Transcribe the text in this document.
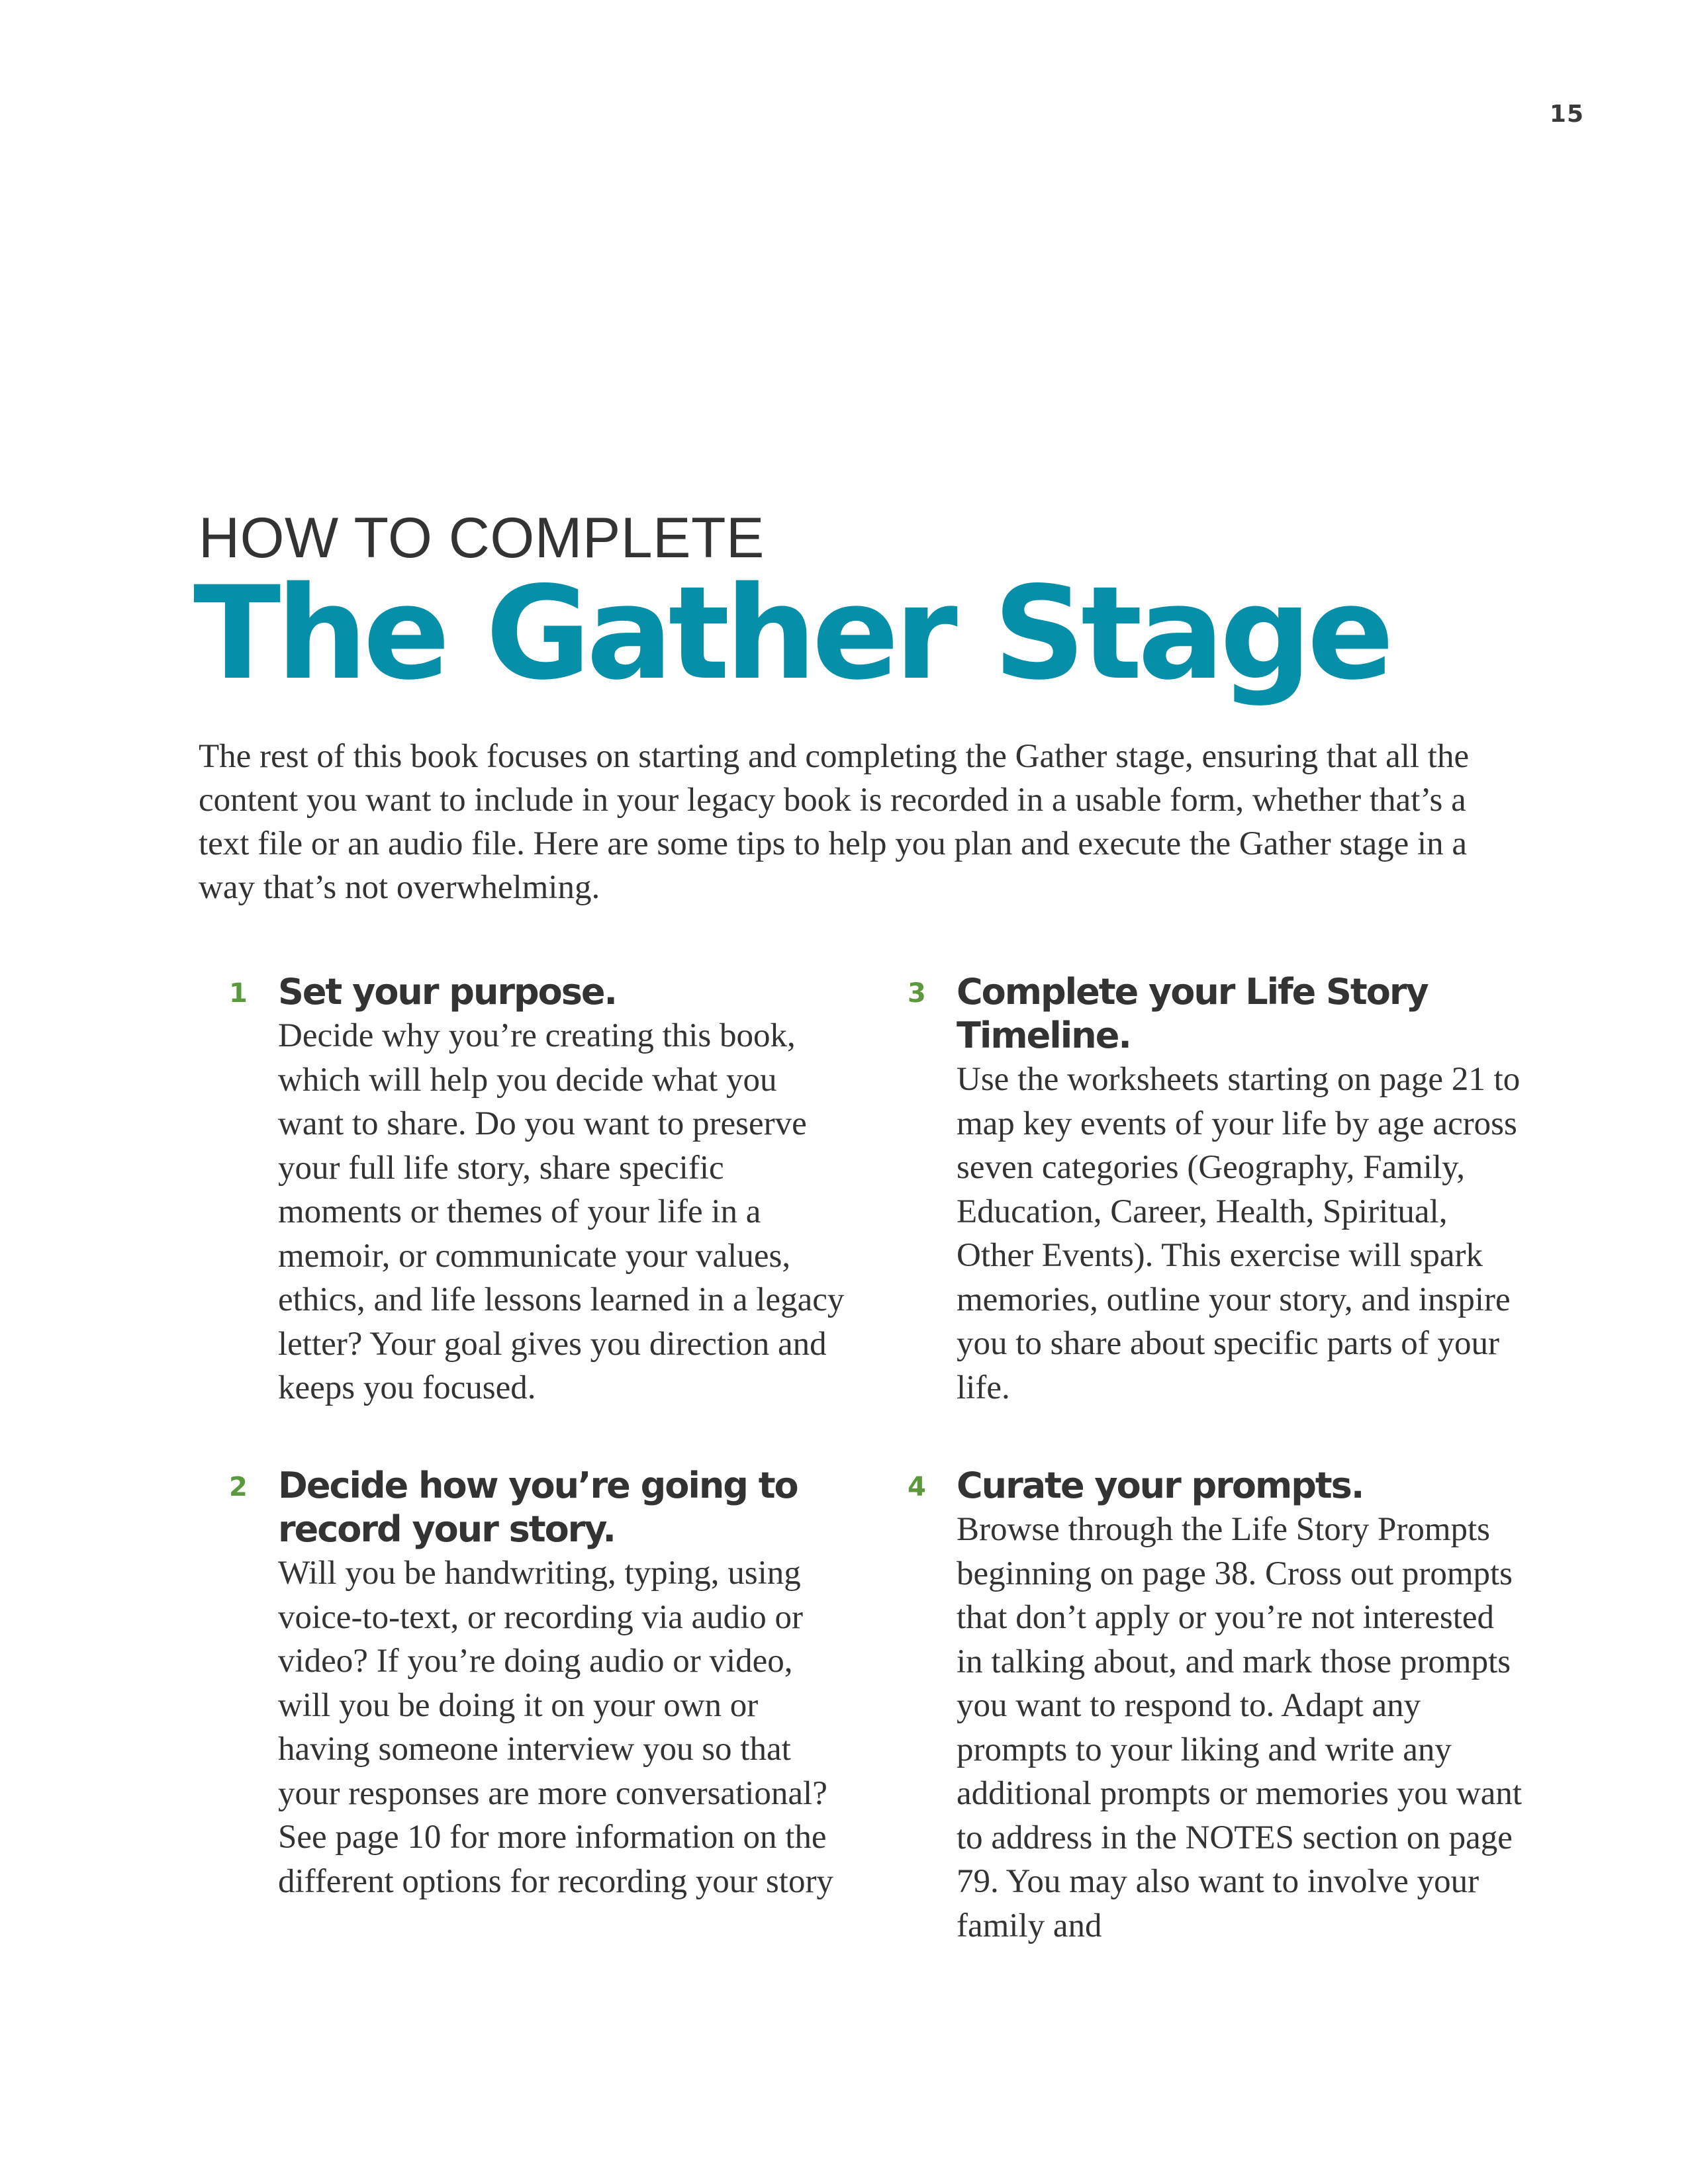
15
HOW TO COMPLETE
The Gather Stage

The rest of this book focuses on starting and completing the Gather stage, ensuring that all the content you want to include in your legacy book is recorded in a usable form, whether that’s a text file or an audio file. Here are some tips to help you plan and execute the Gather stage in a way that’s not overwhelming.

1 Set your purpose.

Decide why you’re creating this book, which will help you decide what you want to share. Do you want to preserve your full life story, share specific moments or themes of your life in a memoir, or communicate your values, ethics, and life lessons learned in a legacy letter? Your goal gives you direction and keeps you focused.

2 Decide how you’re going to record your story.

Will you be handwriting, typing, using voice-to-text, or recording via audio or video? If you’re doing audio or video, will you be doing it on your own or having someone interview you so that your responses are more conversational? See page 10 for more information on the different options for recording your story

3 Complete your Life Story Timeline.

Use the worksheets starting on page 21 to map key events of your life by age across seven categories (Geography, Family, Education, Career, Health, Spiritual, Other Events). This exercise will spark memories, outline your story, and inspire you to share about specific parts of your life.

4 Curate your prompts.

Browse through the Life Story Prompts beginning on page 38. Cross out prompts that don’t apply or you’re not interested in talking about, and mark those prompts you want to respond to. Adapt any prompts to your liking and write any additional prompts or memories you want to address in the NOTES section on page 79. You may also want to involve your family and
